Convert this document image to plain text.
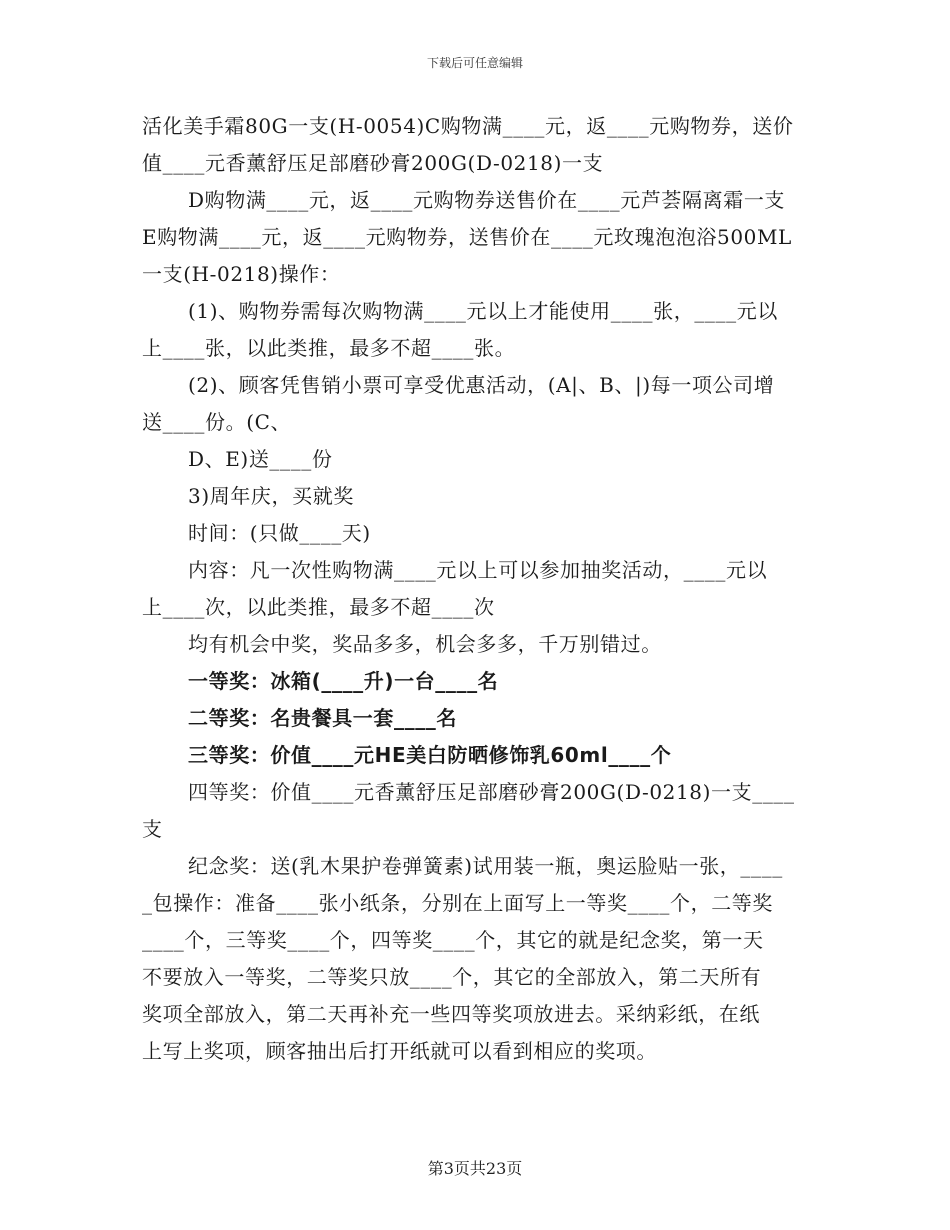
下载后可任意编辑
活化美手霜80G一支(H-0054)C购物满____元，返____元购物券，送价
值____元香薰舒压足部磨砂膏200G(D-0218)一支
D购物满____元，返____元购物券送售价在____元芦荟隔离霜一支
E购物满____元，返____元购物券，送售价在____元玫瑰泡泡浴500ML
一支(H-0218)操作：
(1)、购物券需每次购物满____元以上才能使用____张，____元以
上____张，以此类推，最多不超____张。
(2)、顾客凭售销小票可享受优惠活动，(A|、B、|)每一项公司增
送____份。(C、
D、E)送____份
3)周年庆，买就奖
时间：(只做____天)
内容：凡一次性购物满____元以上可以参加抽奖活动，____元以
上____次，以此类推，最多不超____次
均有机会中奖，奖品多多，机会多多，千万别错过。
一等奖：冰箱(____升)一台____名
二等奖：名贵餐具一套____名
三等奖：价值____元HE美白防晒修饰乳60ml____个
四等奖：价值____元香薰舒压足部磨砂膏200G(D-0218)一支____
支
纪念奖：送(乳木果护卷弹簧素)试用装一瓶，奥运脸贴一张，____
_包操作：准备____张小纸条，分别在上面写上一等奖____个，二等奖
____个，三等奖____个，四等奖____个，其它的就是纪念奖，第一天
不要放入一等奖，二等奖只放____个，其它的全部放入，第二天所有
奖项全部放入，第二天再补充一些四等奖项放进去。采纳彩纸，在纸
上写上奖项，顾客抽出后打开纸就可以看到相应的奖项。
第3页共23页
